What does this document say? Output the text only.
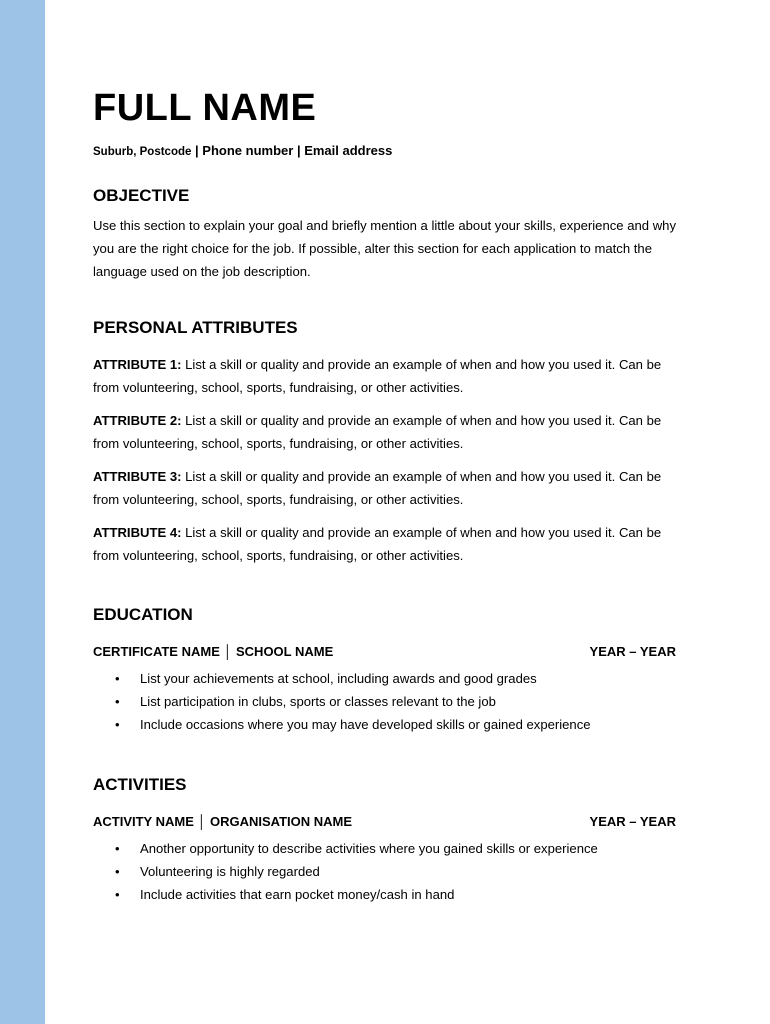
FULL NAME
Suburb, Postcode | Phone number | Email address
OBJECTIVE
Use this section to explain your goal and briefly mention a little about your skills, experience and why you are the right choice for the job. If possible, alter this section for each application to match the language used on the job description.
PERSONAL ATTRIBUTES
ATTRIBUTE 1: List a skill or quality and provide an example of when and how you used it. Can be from volunteering, school, sports, fundraising, or other activities.
ATTRIBUTE 2: List a skill or quality and provide an example of when and how you used it. Can be from volunteering, school, sports, fundraising, or other activities.
ATTRIBUTE 3: List a skill or quality and provide an example of when and how you used it. Can be from volunteering, school, sports, fundraising, or other activities.
ATTRIBUTE 4: List a skill or quality and provide an example of when and how you used it. Can be from volunteering, school, sports, fundraising, or other activities.
EDUCATION
CERTIFICATE NAME │ SCHOOL NAME	YEAR – YEAR
• List your achievements at school, including awards and good grades
• List participation in clubs, sports or classes relevant to the job
• Include occasions where you may have developed skills or gained experience
ACTIVITIES
ACTIVITY NAME │ ORGANISATION NAME	YEAR – YEAR
• Another opportunity to describe activities where you gained skills or experience
• Volunteering is highly regarded
• Include activities that earn pocket money/cash in hand
